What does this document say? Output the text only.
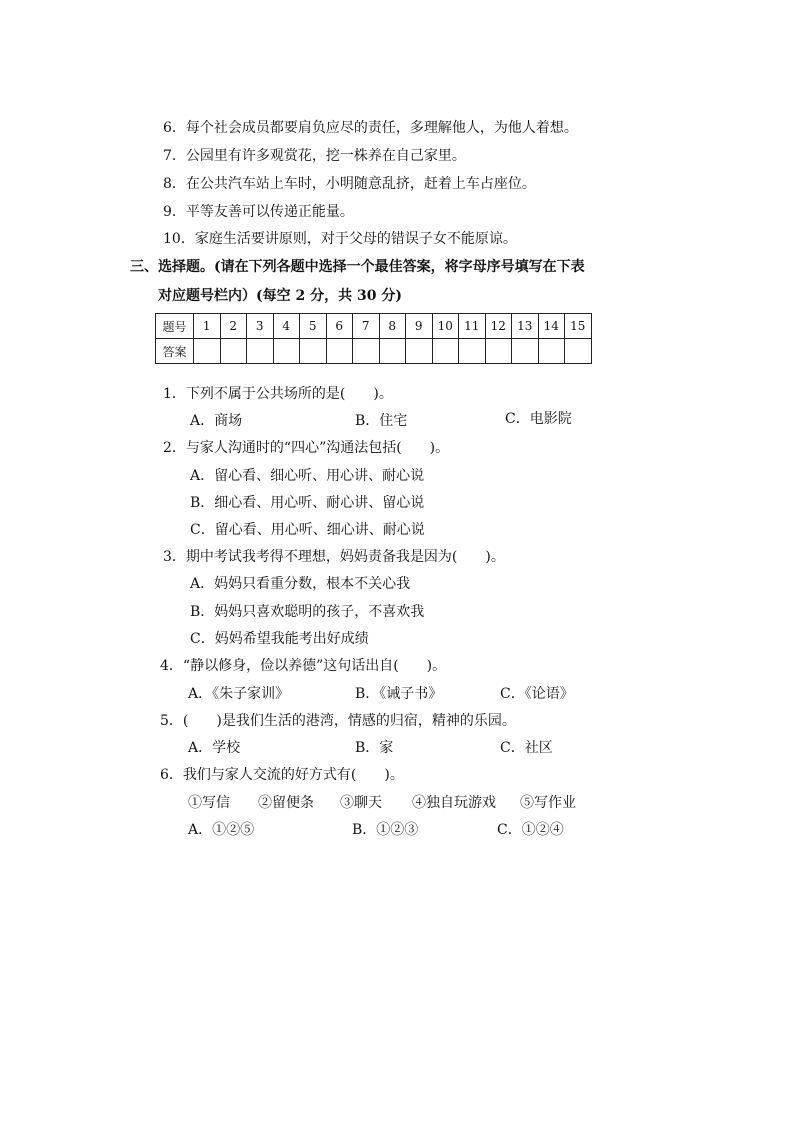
6．每个社会成员都要肩负应尽的责任，多理解他人，为他人着想。
7．公园里有许多观赏花，挖一株养在自己家里。
8．在公共汽车站上车时，小明随意乱挤，赶着上车占座位。
9．平等友善可以传递正能量。
10．家庭生活要讲原则，对于父母的错误子女不能原谅。
三、选择题。(请在下列各题中选择一个最佳答案，将字母序号填写在下表
对应题号栏内）(每空 2 分，共 30 分)
题号	1	2	3	4	5	6	7	8	9	10	11	12	13	14	15
答案															
1．下列不属于公共场所的是(　　)。
A．商场	B．住宅	C．电影院
2．与家人沟通时的“四心”沟通法包括(　　)。
A．留心看、细心听、用心讲、耐心说
B．细心看、用心听、耐心讲、留心说
C．留心看、用心听、细心讲、耐心说
3．期中考试我考得不理想，妈妈责备我是因为(　　)。
A．妈妈只看重分数，根本不关心我
B．妈妈只喜欢聪明的孩子，不喜欢我
C．妈妈希望我能考出好成绩
4．“静以修身，俭以养德”这句话出自(　　)。
A．《朱子家训》	B．《诫子书》	C．《论语》
5．(　　)是我们生活的港湾，情感的归宿，精神的乐园。
A．学校	B．家	C．社区
6．我们与家人交流的好方式有(　　)。
①写信 ②留便条 ③聊天 ④独自玩游戏 ⑤写作业
A．①②⑤	B．①②③	C．①②④
